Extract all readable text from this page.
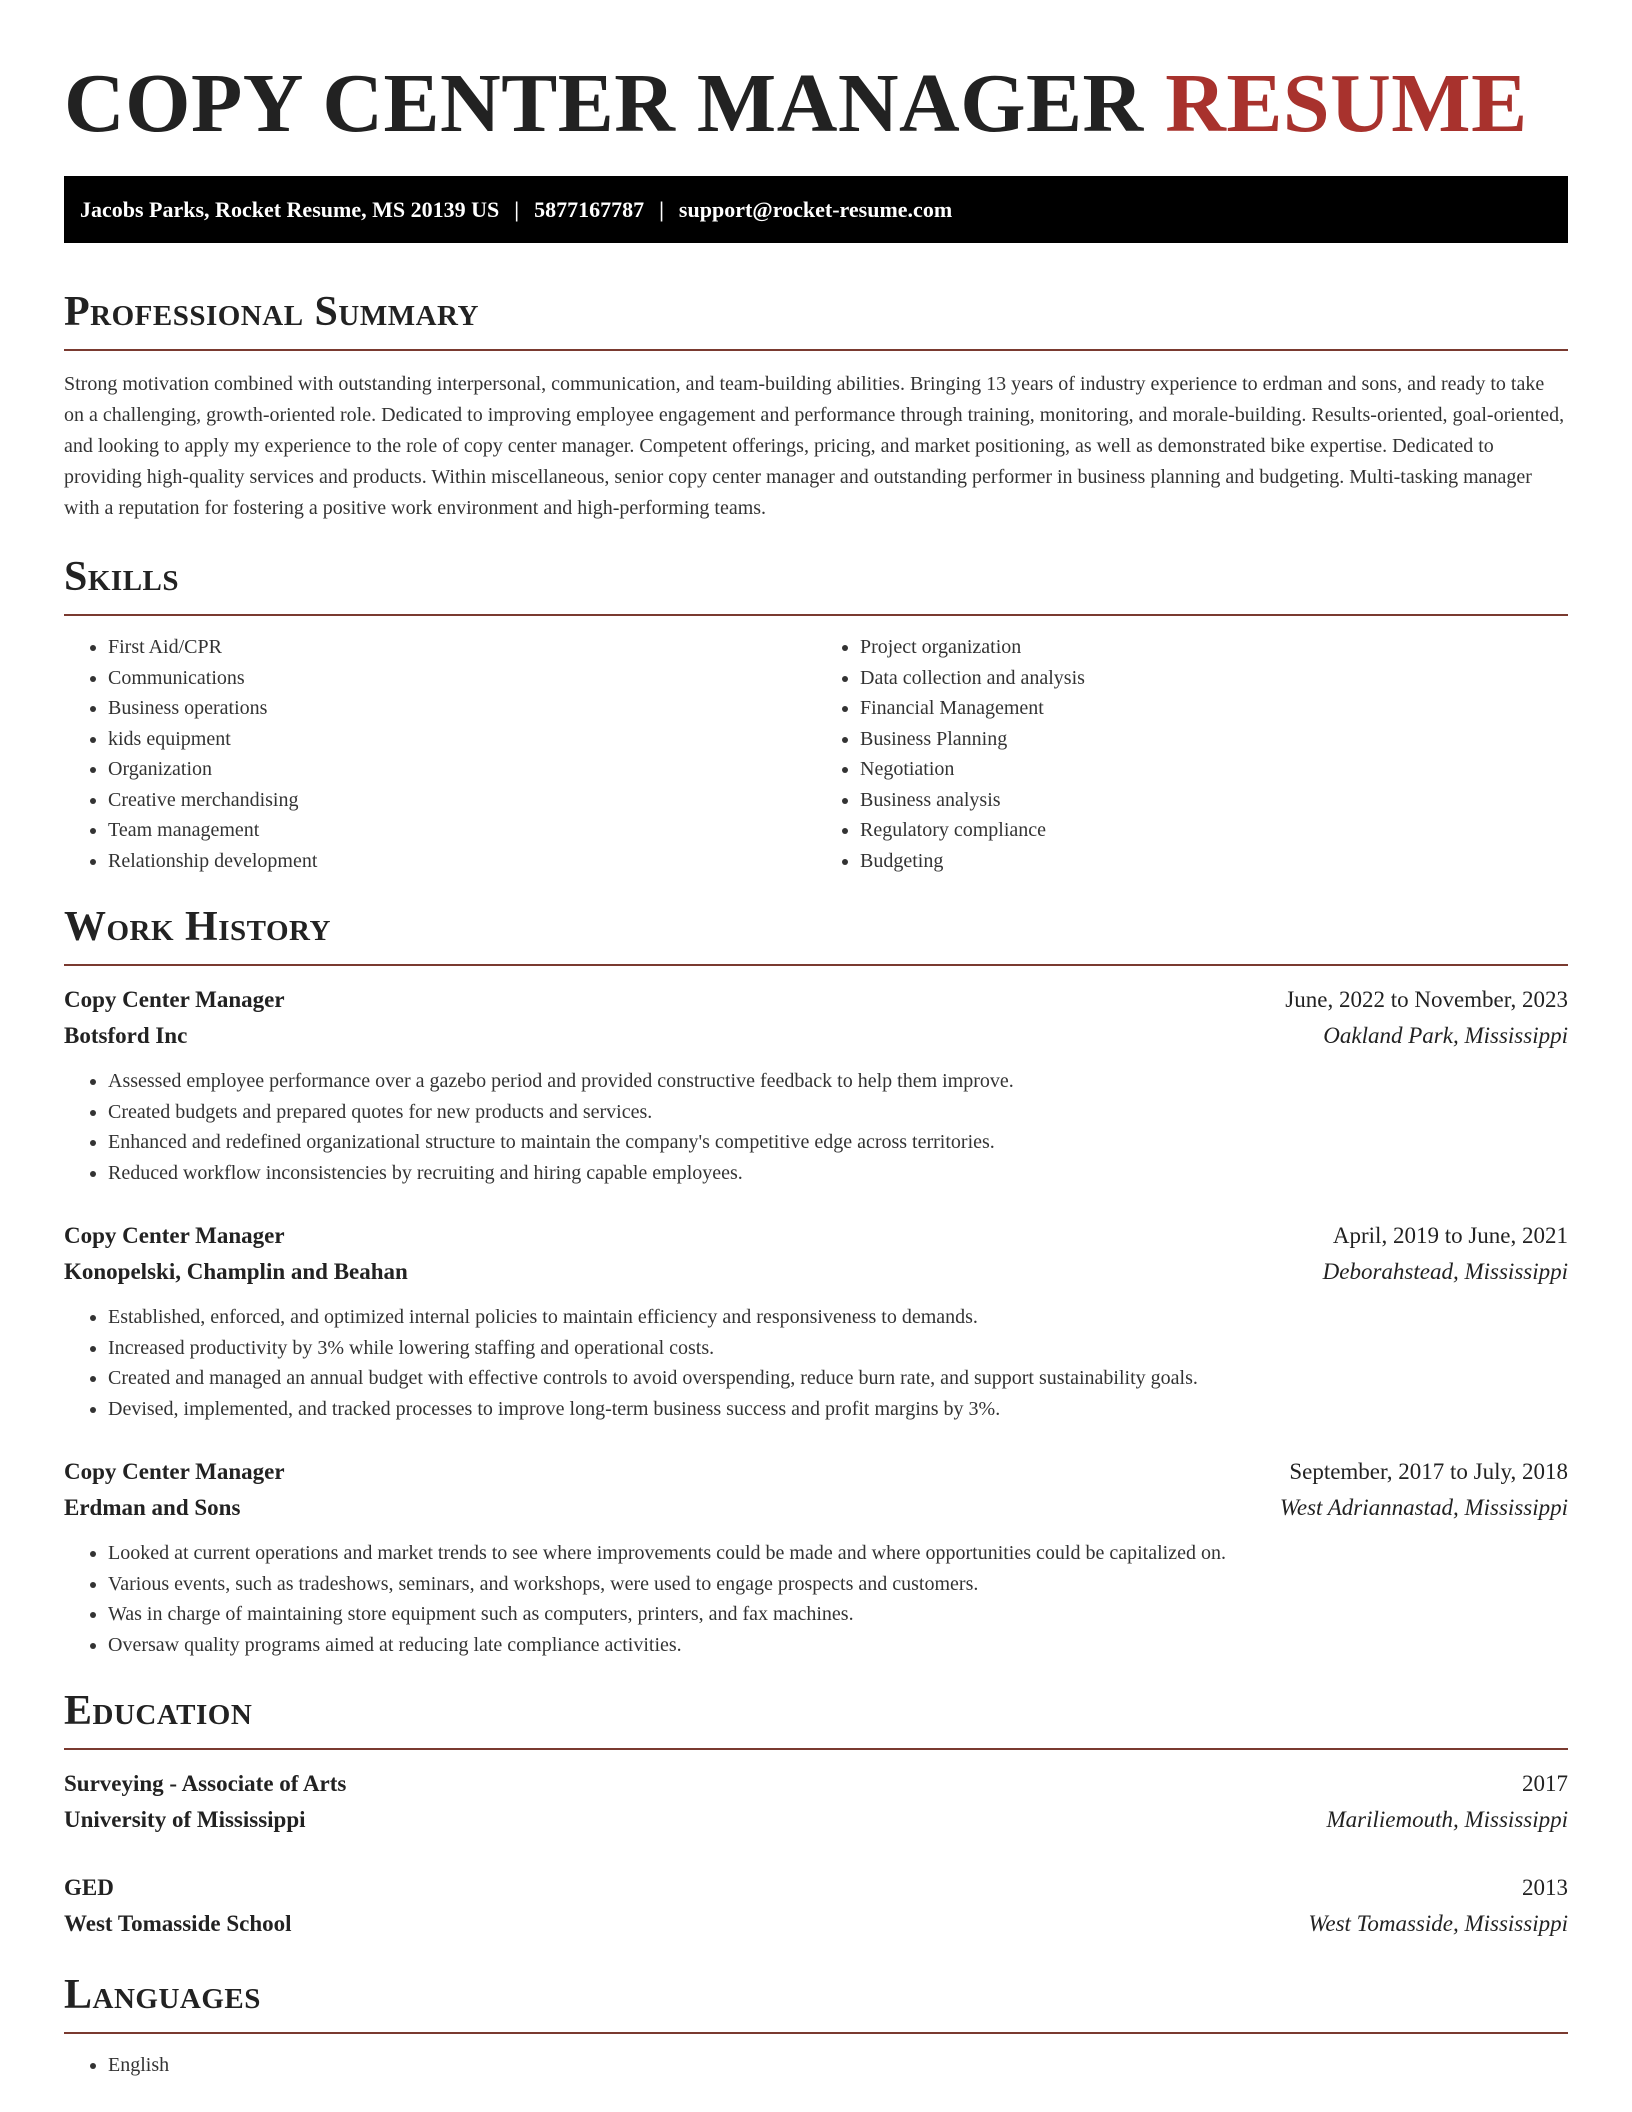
COPY CENTER MANAGER RESUME
Jacobs Parks, Rocket Resume, MS 20139 US | 5877167787 | support@rocket-resume.com
Professional Summary

Strong motivation combined with outstanding interpersonal, communication, and team-building abilities. Bringing 13 years of industry experience to erdman and sons, and ready to take on a challenging, growth-oriented role. Dedicated to improving employee engagement and performance through training, monitoring, and morale-building. Results-oriented, goal-oriented, and looking to apply my experience to the role of copy center manager. Competent offerings, pricing, and market positioning, as well as demonstrated bike expertise. Dedicated to providing high-quality services and products. Within miscellaneous, senior copy center manager and outstanding performer in business planning and budgeting. Multi-tasking manager with a reputation for fostering a positive work environment and high-performing teams.

Skills
• First Aid/CPR
• Communications
• Business operations
• kids equipment
• Organization
• Creative merchandising
• Team management
• Relationship development
• Project organization
• Data collection and analysis
• Financial Management
• Business Planning
• Negotiation
• Business analysis
• Regulatory compliance
• Budgeting
Work History
Copy Center Manager	June, 2022 to November, 2023
Botsford Inc	Oakland Park, Mississippi
• Assessed employee performance over a gazebo period and provided constructive feedback to help them improve.
• Created budgets and prepared quotes for new products and services.
• Enhanced and redefined organizational structure to maintain the company's competitive edge across territories.
• Reduced workflow inconsistencies by recruiting and hiring capable employees.
Copy Center Manager	April, 2019 to June, 2021
Konopelski, Champlin and Beahan	Deborahstead, Mississippi
• Established, enforced, and optimized internal policies to maintain efficiency and responsiveness to demands.
• Increased productivity by 3% while lowering staffing and operational costs.
• Created and managed an annual budget with effective controls to avoid overspending, reduce burn rate, and support sustainability goals.
• Devised, implemented, and tracked processes to improve long-term business success and profit margins by 3%.
Copy Center Manager	September, 2017 to July, 2018
Erdman and Sons	West Adriannastad, Mississippi
• Looked at current operations and market trends to see where improvements could be made and where opportunities could be capitalized on.
• Various events, such as tradeshows, seminars, and workshops, were used to engage prospects and customers.
• Was in charge of maintaining store equipment such as computers, printers, and fax machines.
• Oversaw quality programs aimed at reducing late compliance activities.
Education
Surveying - Associate of Arts	2017
University of Mississippi	Mariliemouth, Mississippi
GED	2013
West Tomasside School	West Tomasside, Mississippi
Languages
• English
